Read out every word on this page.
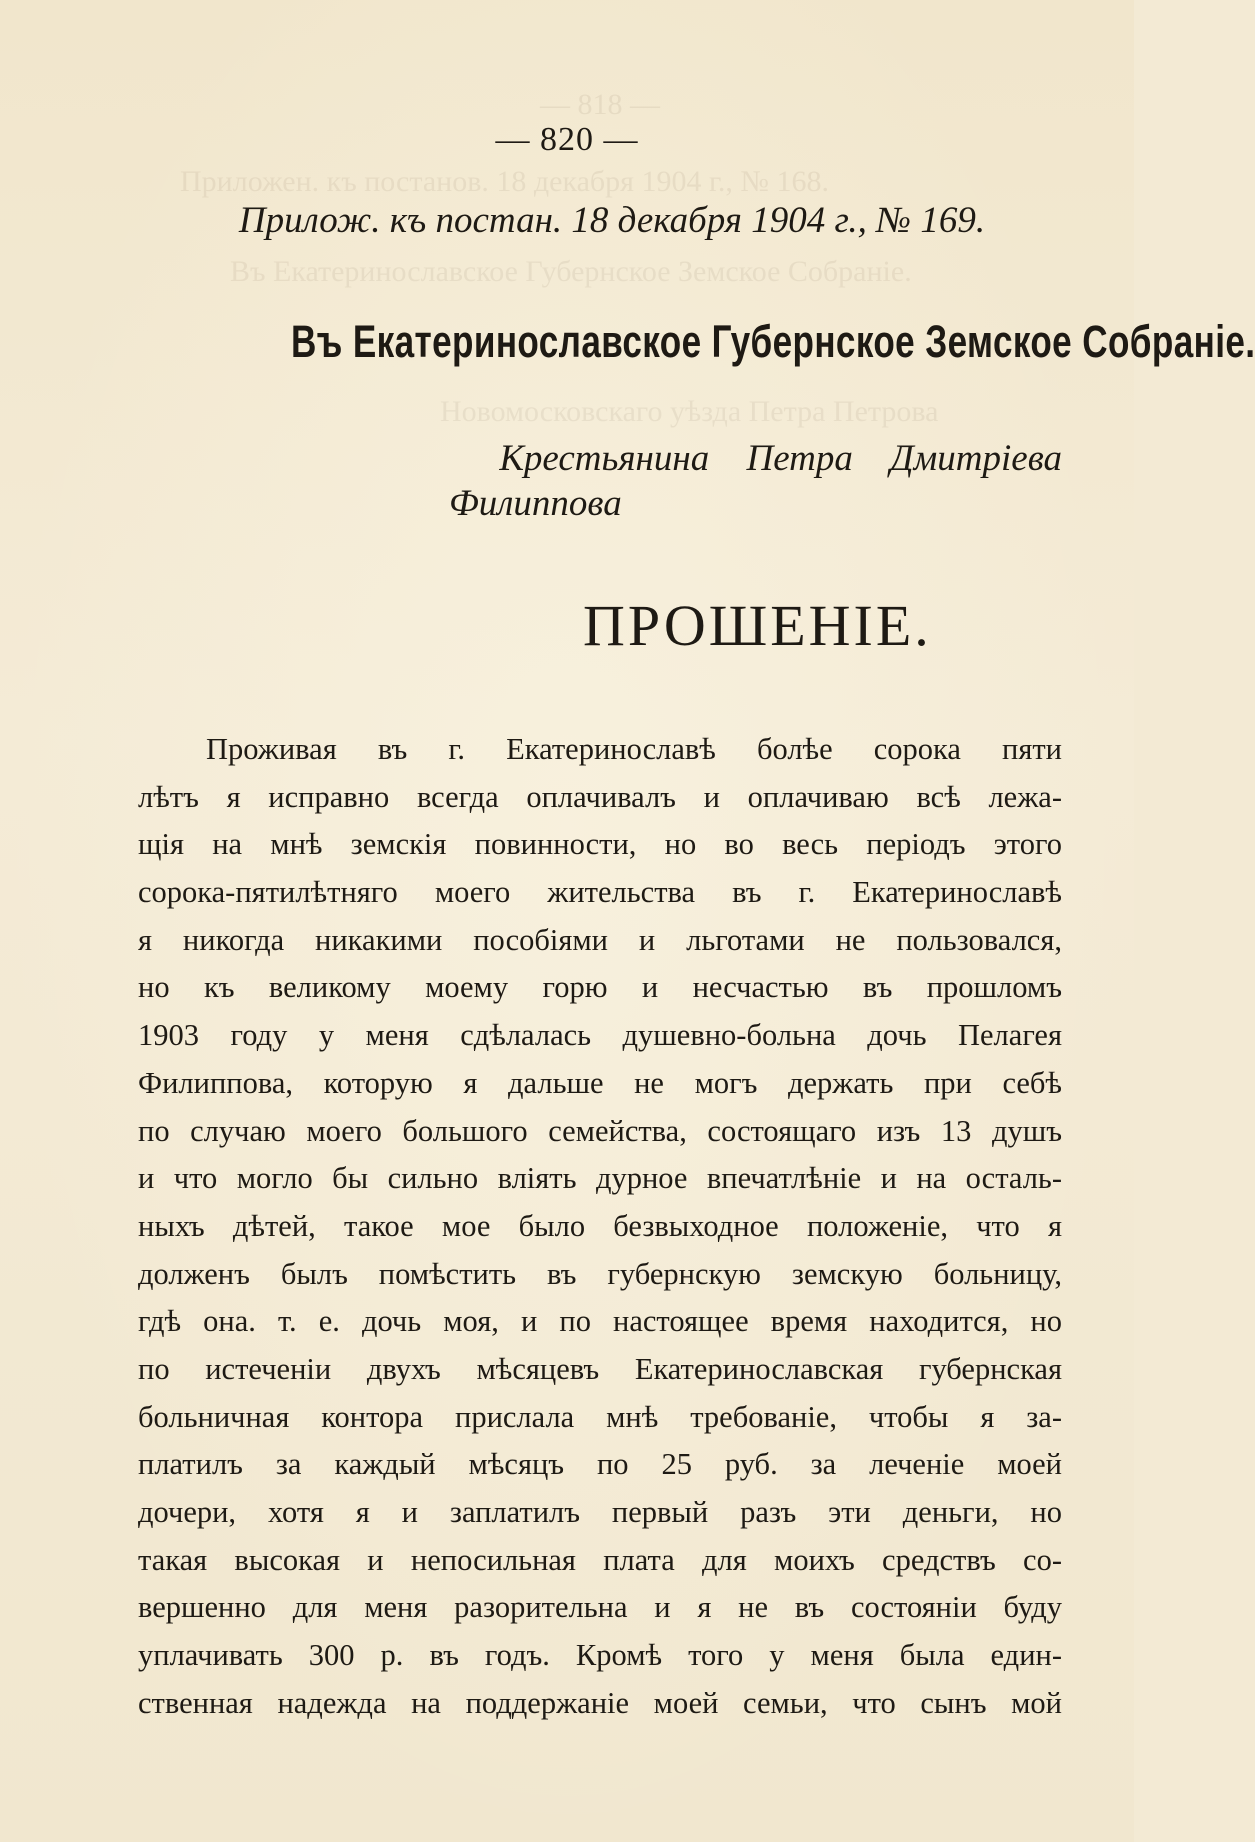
— 818 —
Приложен. къ постанов. 18 декабря 1904 г., № 168.
Въ Екатеринославское Губернское Земское Собраніе.
Новомосковскаго уѣзда Петра Петрова
— 820 —
Прилож. къ постан. 18 декабря 1904 г., № 169.
Въ Екатеринославское Губернское Земское Собраніе.
Крестьянина Петра Дмитріева
Филиппова
ПРОШЕНІЕ.
Проживая въ г. Екатеринославѣ болѣе сорока пяти
лѣтъ я исправно всегда оплачивалъ и оплачиваю всѣ лежа-
щія на мнѣ земскія повинности, но во весь періодъ этого
сорока-пятилѣтняго моего жительства въ г. Екатеринославѣ
я никогда никакими пособіями и льготами не пользовался,
но къ великому моему горю и несчастью въ прошломъ
1903 году у меня сдѣлалась душевно-больна дочь Пелагея
Филиппова, которую я дальше не могъ держать при себѣ
по случаю моего большого семейства, состоящаго изъ 13 душъ
и что могло бы сильно вліять дурное впечатлѣніе и на осталь-
ныхъ дѣтей, такое мое было безвыходное положеніе, что я
долженъ былъ помѣстить въ губернскую земскую больницу,
гдѣ она. т. е. дочь моя, и по настоящее время находится, но
по истеченіи двухъ мѣсяцевъ Екатеринославская губернская
больничная контора прислала мнѣ требованіе, чтобы я за-
платилъ за каждый мѣсяцъ по 25 руб. за леченіе моей
дочери, хотя я и заплатилъ первый разъ эти деньги, но
такая высокая и непосильная плата для моихъ средствъ со-
вершенно для меня разорительна и я не въ состояніи буду
уплачивать 300 р. въ годъ. Кромѣ того у меня была един-
ственная надежда на поддержаніе моей семьи, что сынъ мой
